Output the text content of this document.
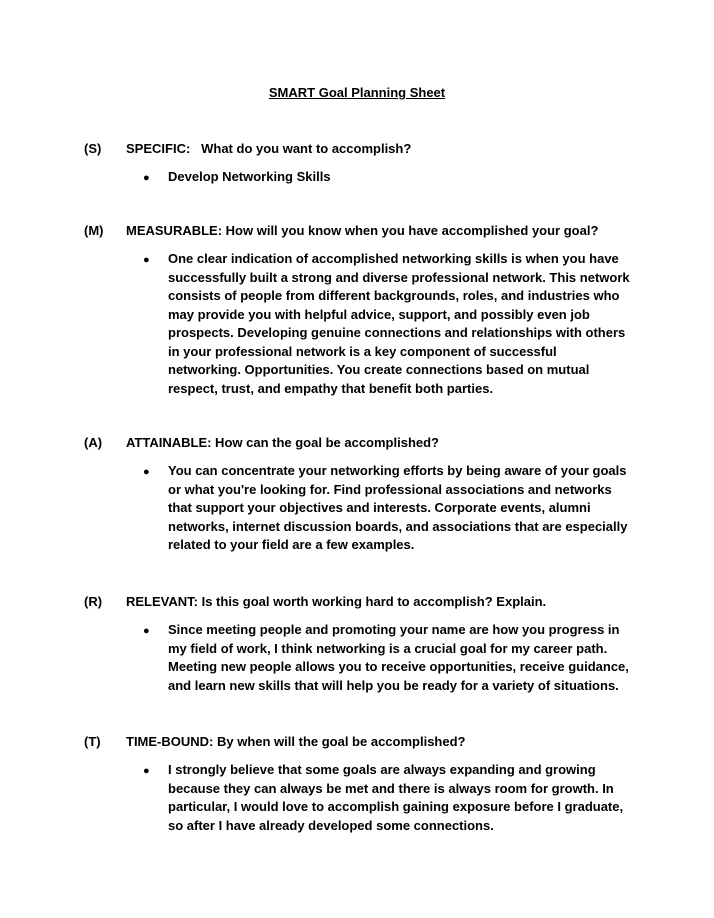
SMART Goal Planning Sheet
(S) SPECIFIC:   What do you want to accomplish?
● Develop Networking Skills
(M) MEASURABLE: How will you know when you have accomplished your goal?
● One clear indication of accomplished networking skills is when you have successfully built a strong and diverse professional network. This network consists of people from different backgrounds, roles, and industries who may provide you with helpful advice, support, and possibly even job prospects. Developing genuine connections and relationships with others in your professional network is a key component of successful networking. Opportunities. You create connections based on mutual respect, trust, and empathy that benefit both parties.
(A) ATTAINABLE: How can the goal be accomplished?
● You can concentrate your networking efforts by being aware of your goals or what you're looking for. Find professional associations and networks that support your objectives and interests. Corporate events, alumni networks, internet discussion boards, and associations that are especially related to your field are a few examples.
(R) RELEVANT: Is this goal worth working hard to accomplish? Explain.
● Since meeting people and promoting your name are how you progress in my field of work, I think networking is a crucial goal for my career path. Meeting new people allows you to receive opportunities, receive guidance, and learn new skills that will help you be ready for a variety of situations.
(T) TIME-BOUND: By when will the goal be accomplished?
● I strongly believe that some goals are always expanding and growing because they can always be met and there is always room for growth. In particular, I would love to accomplish gaining exposure before I graduate, so after I have already developed some connections.
